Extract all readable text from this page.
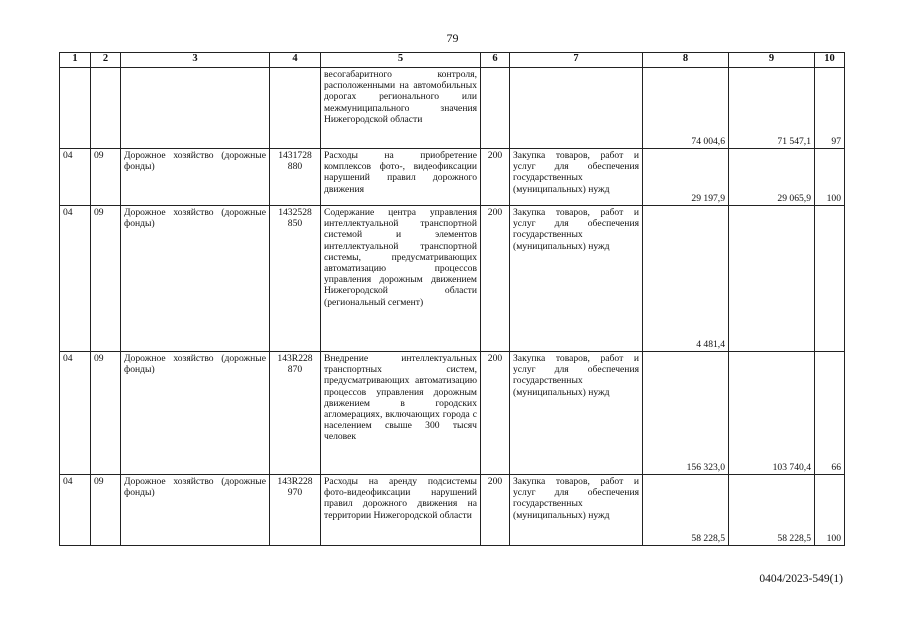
79
1	2	3	4	5	6	7	8	9	10
				весогабаритного контроля, расположенными на автомобильных дорогах регионального или межмуниципального значения Нижегородской области			74 004,6	71 547,1	97
04	09	Дорожное хозяйство (дорожные фонды)	1431728 880	Расходы на приобретение комплексов фото-, видеофиксации нарушений правил дорожного движения	200	Закупка товаров, работ и услуг для обеспечения государственных (муниципальных) нужд	29 197,9	29 065,9	100
04	09	Дорожное хозяйство (дорожные фонды)	1432528 850	Содержание центра управления интеллектуальной транспортной системой и элементов интеллектуальной транспортной системы, предусматривающих автоматизацию процессов управления дорожным движением Нижегородской области (региональный сегмент)	200	Закупка товаров, работ и услуг для обеспечения государственных (муниципальных) нужд	4 481,4		
04	09	Дорожное хозяйство (дорожные фонды)	143R228 870	Внедрение интеллектуальных транспортных систем, предусматривающих автоматизацию процессов управления дорожным движением в городских агломерациях, включающих города с населением свыше 300 тысяч человек	200	Закупка товаров, работ и услуг для обеспечения государственных (муниципальных) нужд	156 323,0	103 740,4	66
04	09	Дорожное хозяйство (дорожные фонды)	143R228 970	Расходы на аренду подсистемы фото-видеофиксации нарушений правил дорожного движения на территории Нижегородской области	200	Закупка товаров, работ и услуг для обеспечения государственных (муниципальных) нужд	58 228,5	58 228,5	100
0404/2023-549(1)
